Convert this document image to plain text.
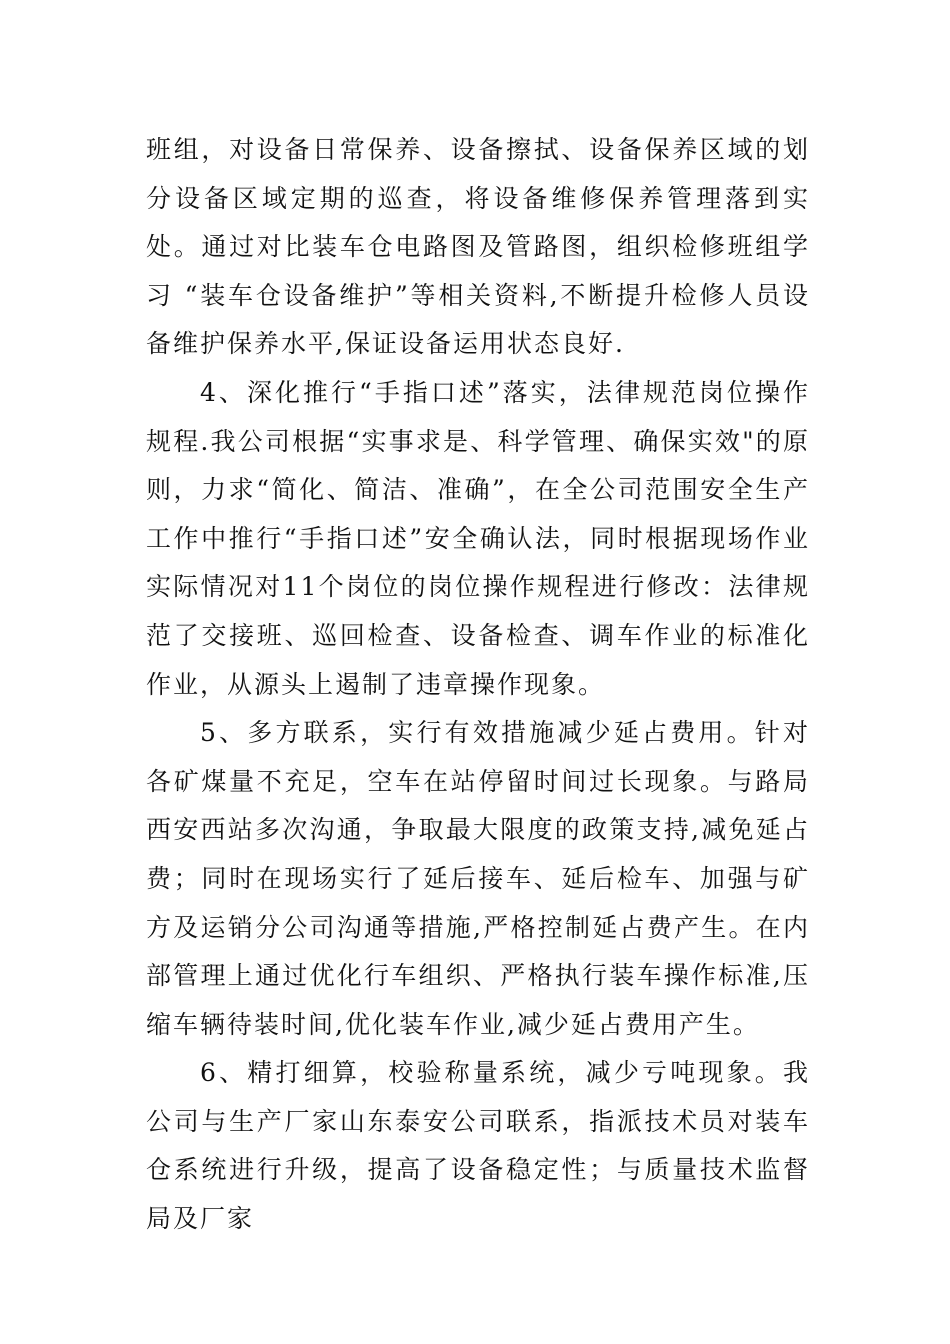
班组，对设备日常保养、设备擦拭、设备保养区域的划分设备区域定期的巡查，将设备维修保养管理落到实处。通过对比装车仓电路图及管路图，组织检修班组学习 “装车仓设备维护”等相关资料,不断提升检修人员设备维护保养水平,保证设备运用状态良好.

4、深化推行“手指口述”落实，法律规范岗位操作规程.我公司根据“实事求是、科学管理、确保实效"的原则，力求“简化、简洁、准确”，在全公司范围安全生产工作中推行“手指口述”安全确认法，同时根据现场作业实际情况对11个岗位的岗位操作规程进行修改：法律规范了交接班、巡回检查、设备检查、调车作业的标准化作业，从源头上遏制了违章操作现象。

5、多方联系，实行有效措施减少延占费用。针对各矿煤量不充足，空车在站停留时间过长现象。与路局西安西站多次沟通，争取最大限度的政策支持,减免延占费；同时在现场实行了延后接车、延后检车、加强与矿方及运销分公司沟通等措施,严格控制延占费产生。在内部管理上通过优化行车组织、严格执行装车操作标准,压缩车辆待装时间,优化装车作业,减少延占费用产生。

6、精打细算，校验称量系统，减少亏吨现象。我公司与生产厂家山东泰安公司联系，指派技术员对装车仓系统进行升级，提高了设备稳定性；与质量技术监督局及厂家
